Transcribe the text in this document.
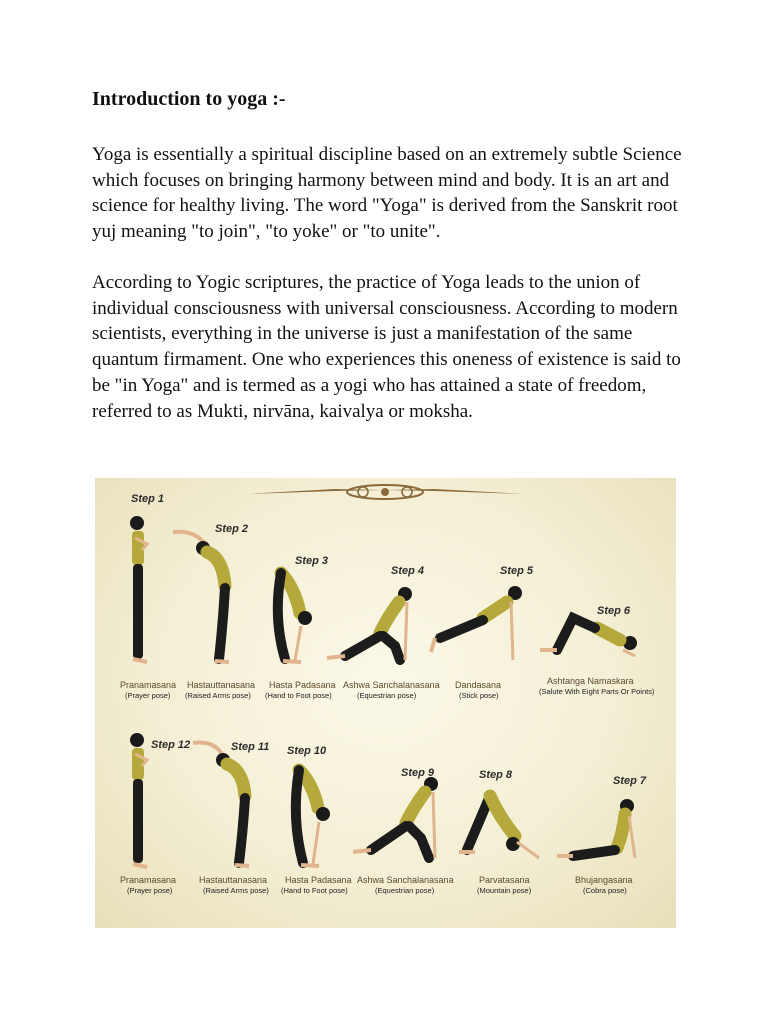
Introduction to yoga :-

Yoga is essentially a spiritual discipline based on an extremely subtle Science which focuses on bringing harmony between mind and body. It is an art and science for healthy living. The word "Yoga" is derived from the Sanskrit root yuj meaning "to join", "to yoke" or "to unite".

According to Yogic scriptures, the practice of Yoga leads to the union of individual consciousness with universal consciousness. According to modern scientists, everything in the universe is just a manifestation of the same quantum firmament. One who experiences this oneness of existence is said to be "in Yoga" and is termed as a yogi who has attained a state of freedom, referred to as Mukti, nirvāna, kaivalya or moksha.

Step 1
Step 2
Step 3
Step 4	Step 5
Step 6
Pranamasana
(Prayer pose)
Hastauttanasana
(Raised Arms pose)
Hasta Padasana
(Hand to Foot pose)
Ashwa Sanchalanasana
(Equestrian pose)
Dandasana
(Stick pose)
Ashtanga Namaskara
(Salute With Eight Parts Or Points)
Step 12	Step 11 Step 10
Step 9	Step 8	Step 7
Pranamasana
(Prayer pose)
Hastauttanasana
(Raised Arms pose)
Hasta Padasana
(Hand to Foot pose)
Ashwa Sanchalanasana
(Equestrian pose)
Parvatasana
(Mountain pose)
Bhujangasana
(Cobra pose)
